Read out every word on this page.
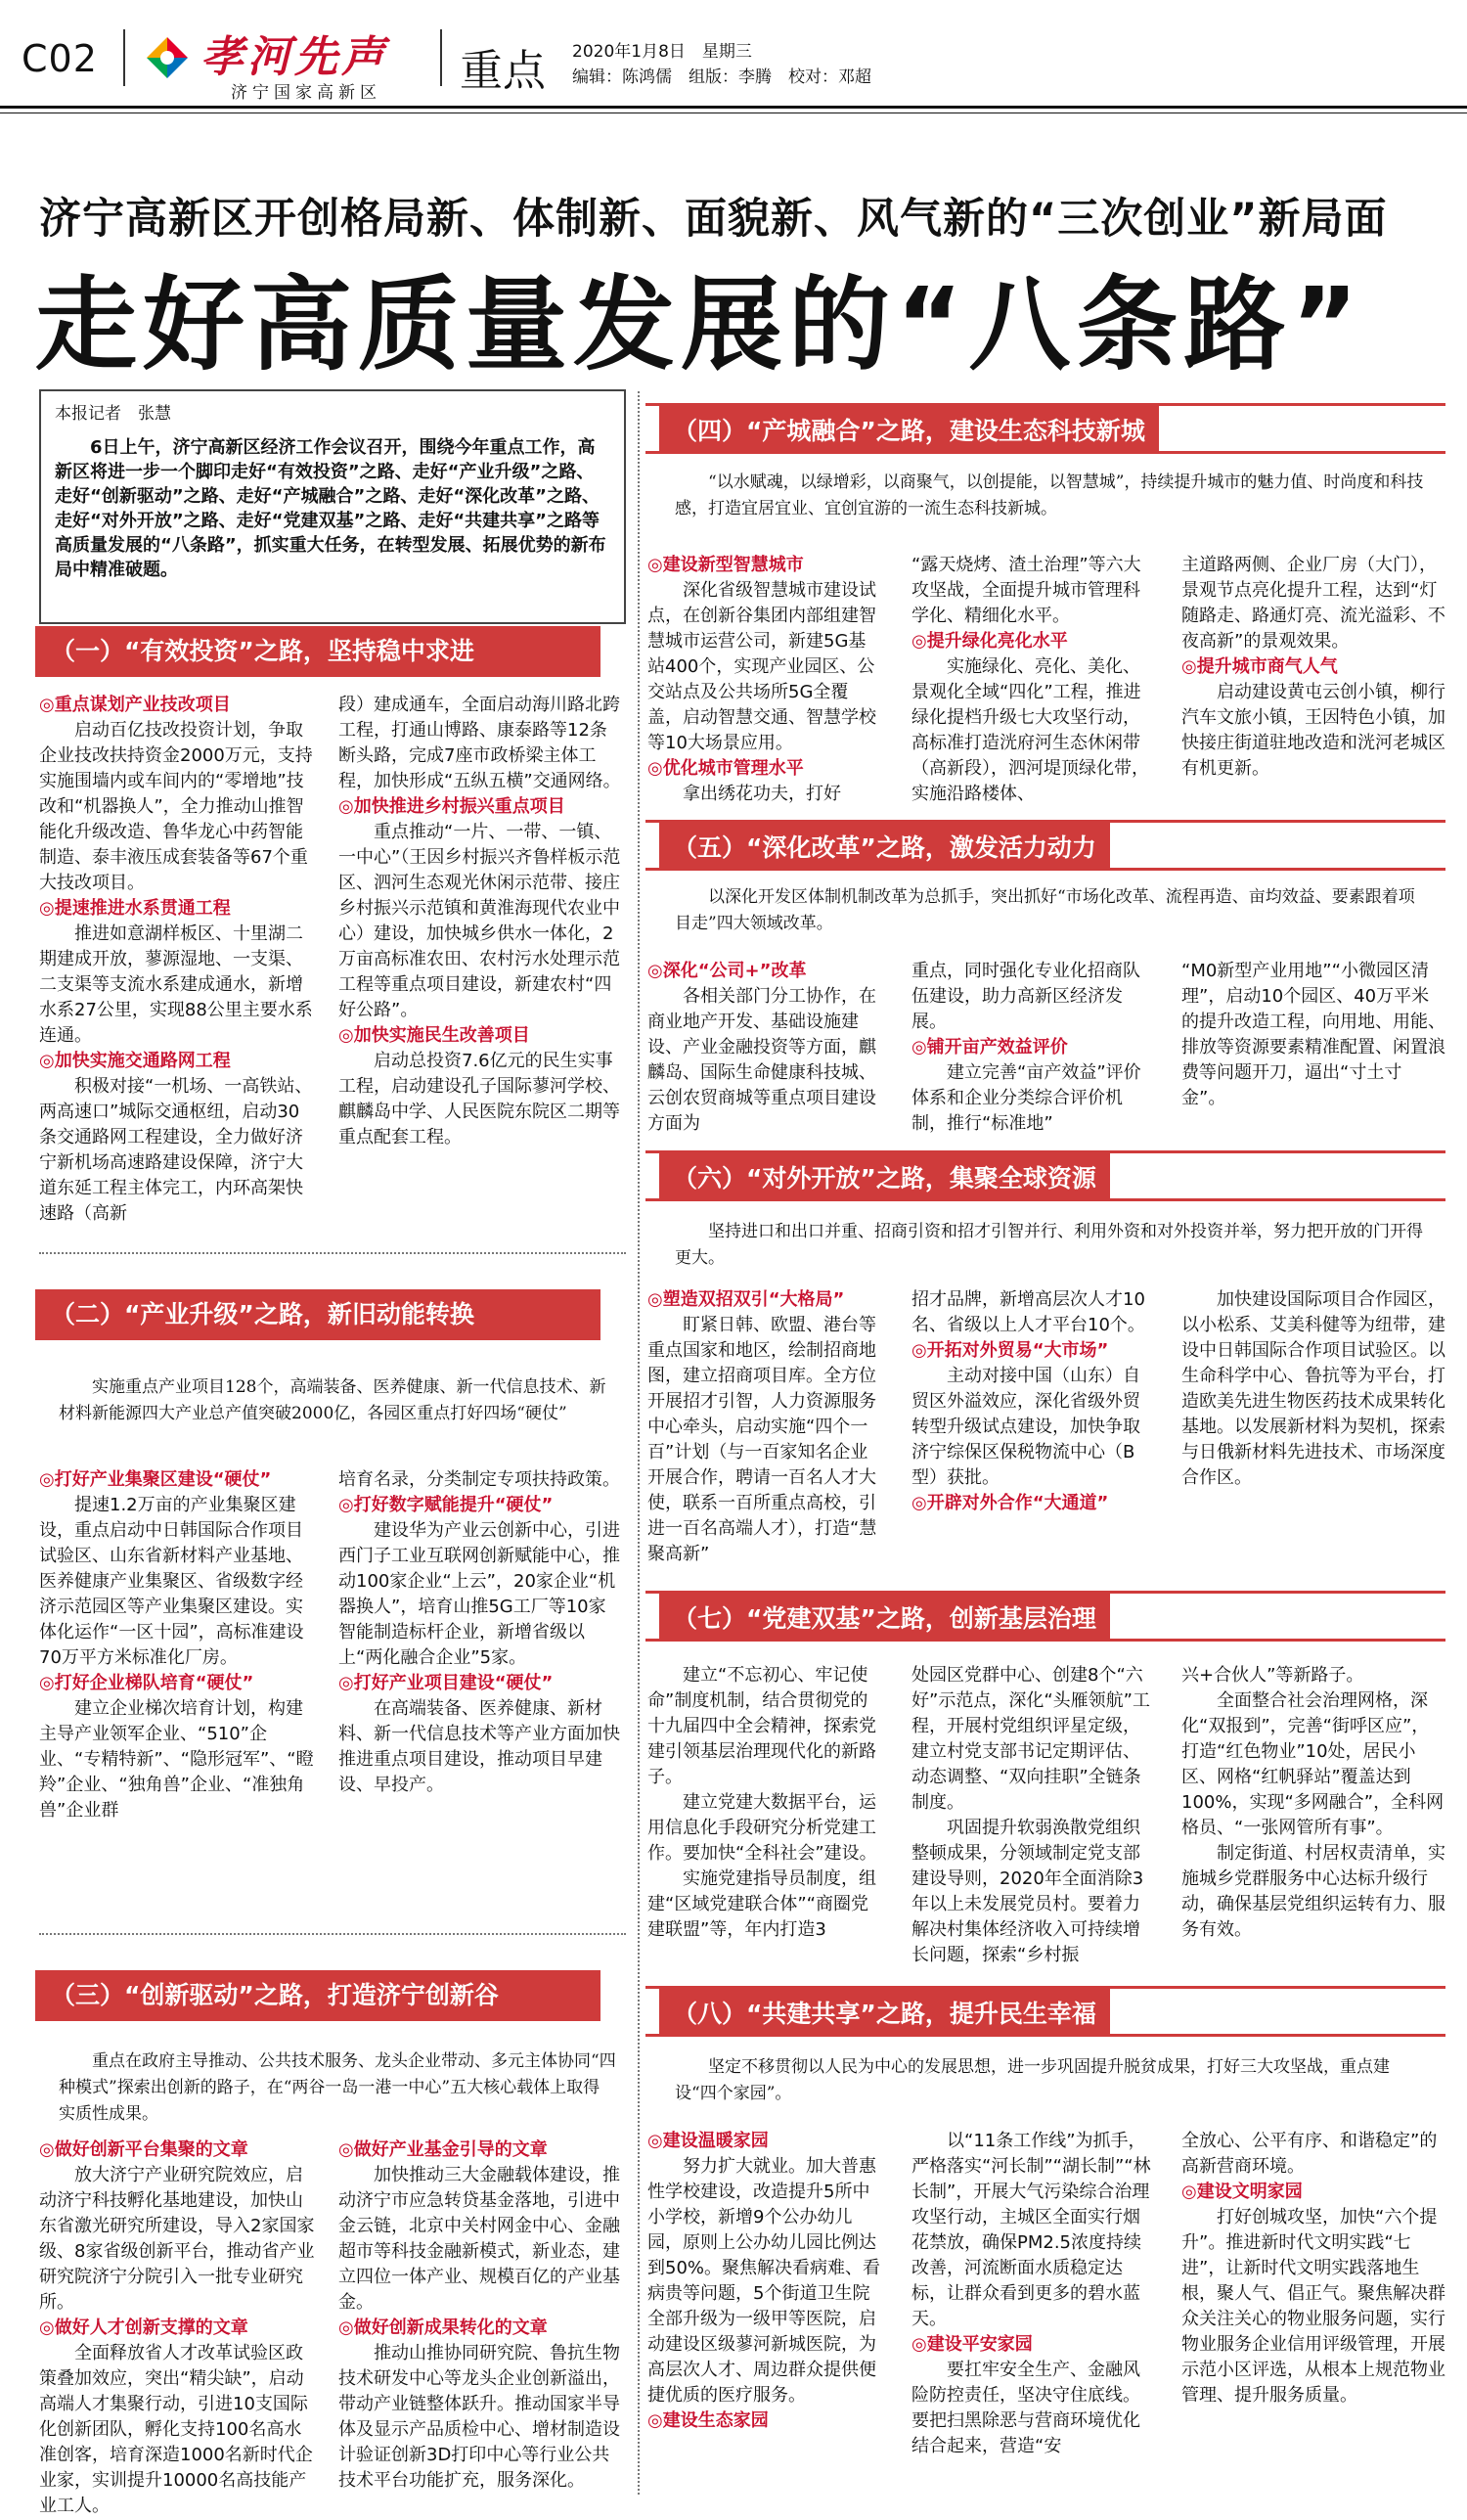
C02 孝河先声
济宁国家高新区 重点 2020年1月8日　星期三
编辑：陈鸿儒　组版：李腾　校对：邓超
济宁高新区开创格局新、体制新、面貌新、风气新的“三次创业”新局面
走好高质量发展的“八条路”
本报记者　张慧
6日上午，济宁高新区经济工作会议召开，围绕今年重点工作，高新区将进一步一个脚印走好“有效投资”之路、走好“产业升级”之路、走好“创新驱动”之路、走好“产城融合”之路、走好“深化改革”之路、走好“对外开放”之路、走好“党建双基”之路、走好“共建共享”之路等高质量发展的“八条路”，抓实重大任务，在转型发展、拓展优势的新布局中精准破题。
（一）“有效投资”之路，坚持稳中求进
◎重点谋划产业技改项目

启动百亿技改投资计划，争取企业技改扶持资金2000万元，支持实施围墙内或车间内的“零增地”技改和“机器换人”，全力推动山推智能化升级改造、鲁华龙心中药智能制造、泰丰液压成套装备等67个重大技改项目。

◎提速推进水系贯通工程

推进如意湖样板区、十里湖二期建成开放，蓼源湿地、一支渠、二支渠等支流水系建成通水，新增水系27公里，实现88公里主要水系连通。

◎加快实施交通路网工程

积极对接“一机场、一高铁站、两高速口”城际交通枢纽，启动30条交通路网工程建设，全力做好济宁新机场高速路建设保障，济宁大道东延工程主体完工，内环高架快速路（高新

段）建成通车，全面启动海川路北跨工程，打通山博路、康泰路等12条断头路，完成7座市政桥梁主体工程，加快形成“五纵五横”交通网络。

◎加快推进乡村振兴重点项目

重点推动“一片、一带、一镇、一中心”（王因乡村振兴齐鲁样板示范区、泗河生态观光休闲示范带、接庄乡村振兴示范镇和黄淮海现代农业中心）建设，加快城乡供水一体化，2万亩高标准农田、农村污水处理示范工程等重点项目建设，新建农村“四好公路”。

◎加快实施民生改善项目

启动总投资7.6亿元的民生实事工程，启动建设孔子国际蓼河学校、麒麟岛中学、人民医院东院区二期等重点配套工程。

（二）“产业升级”之路，新旧动能转换
实施重点产业项目128个，高端装备、医养健康、新一代信息技术、新材料新能源四大产业总产值突破2000亿，各园区重点打好四场“硬仗”
◎打好产业集聚区建设“硬仗”

提速1.2万亩的产业集聚区建设，重点启动中日韩国际合作项目试验区、山东省新材料产业基地、医养健康产业集聚区、省级数字经济示范园区等产业集聚区建设。实体化运作“一区十园”，高标准建设70万平方米标准化厂房。

◎打好企业梯队培育“硬仗”

建立企业梯次培育计划，构建主导产业领军企业、“510”企业、“专精特新”、“隐形冠军”、“瞪羚”企业、“独角兽”企业、“准独角兽”企业群

培育名录，分类制定专项扶持政策。

◎打好数字赋能提升“硬仗”

建设华为产业云创新中心，引进西门子工业互联网创新赋能中心，推动100家企业“上云”，20家企业“机器换人”，培育山推5G工厂等10家智能制造标杆企业，新增省级以上“两化融合企业”5家。

◎打好产业项目建设“硬仗”

在高端装备、医养健康、新材料、新一代信息技术等产业方面加快推进重点项目建设，推动项目早建设、早投产。

（三）“创新驱动”之路，打造济宁创新谷
重点在政府主导推动、公共技术服务、龙头企业带动、多元主体协同“四种模式”探索出创新的路子，在“两谷一岛一港一中心”五大核心载体上取得实质性成果。
◎做好创新平台集聚的文章

放大济宁产业研究院效应，启动济宁科技孵化基地建设，加快山东省激光研究所建设，导入2家国家级、8家省级创新平台，推动省产业研究院济宁分院引入一批专业研究所。

◎做好人才创新支撑的文章

全面释放省人才改革试验区政策叠加效应，突出“精尖缺”，启动高端人才集聚行动，引进10支国际化创新团队，孵化支持100名高水准创客，培育深造1000名新时代企业家，实训提升10000名高技能产业工人。

◎做好产业基金引导的文章

加快推动三大金融载体建设，推动济宁市应急转贷基金落地，引进中金云链，北京中关村网金中心、金融超市等科技金融新模式，新业态，建立四位一体产业、规模百亿的产业基金。

◎做好创新成果转化的文章

推动山推协同研究院、鲁抗生物技术研发中心等龙头企业创新溢出，带动产业链整体跃升。推动国家半导体及显示产品质检中心、增材制造设计验证创新3D打印中心等行业公共技术平台功能扩充，服务深化。

（四）“产城融合”之路，建设生态科技新城
“以水赋魂，以绿增彩，以商聚气，以创提能，以智慧城”，持续提升城市的魅力值、时尚度和科技感，打造宜居宜业、宜创宜游的一流生态科技新城。
◎建设新型智慧城市

深化省级智慧城市建设试点，在创新谷集团内部组建智慧城市运营公司，新建5G基站400个，实现产业园区、公交站点及公共场所5G全覆盖，启动智慧交通、智慧学校等10大场景应用。

◎优化城市管理水平

拿出绣花功夫，打好

“露天烧烤、渣土治理”等六大攻坚战，全面提升城市管理科学化、精细化水平。

◎提升绿化亮化水平

实施绿化、亮化、美化、景观化全域“四化”工程，推进绿化提档升级七大攻坚行动，高标准打造洸府河生态休闲带（高新段），泗河堤顶绿化带，实施沿路楼体、

主道路两侧、企业厂房（大门），景观节点亮化提升工程，达到“灯随路走、路通灯亮、流光溢彩、不夜高新”的景观效果。

◎提升城市商气人气

启动建设黄屯云创小镇，柳行汽车文旅小镇，王因特色小镇，加快接庄街道驻地改造和洸河老城区有机更新。

（五）“深化改革”之路，激发活力动力
以深化开发区体制机制改革为总抓手，突出抓好“市场化改革、流程再造、亩均效益、要素跟着项目走”四大领域改革。
◎深化“公司+”改革

各相关部门分工协作，在商业地产开发、基础设施建设、产业金融投资等方面，麒麟岛、国际生命健康科技城、云创农贸商城等重点项目建设方面为

重点，同时强化专业化招商队伍建设，助力高新区经济发展。

◎铺开亩产效益评价

建立完善“亩产效益”评价体系和企业分类综合评价机制，推行“标准地”

“M0新型产业用地”“小微园区清理”，启动10个园区、40万平米的提升改造工程，向用地、用能、排放等资源要素精准配置、闲置浪费等问题开刀，逼出“寸土寸金”。

（六）“对外开放”之路，集聚全球资源
坚持进口和出口并重、招商引资和招才引智并行、利用外资和对外投资并举，努力把开放的门开得更大。
◎塑造双招双引“大格局”

盯紧日韩、欧盟、港台等重点国家和地区，绘制招商地图，建立招商项目库。全方位开展招才引智，人力资源服务中心牵头，启动实施“四个一百”计划（与一百家知名企业开展合作，聘请一百名人才大使，联系一百所重点高校，引进一百名高端人才），打造“慧聚高新”

招才品牌，新增高层次人才10名、省级以上人才平台10个。

◎开拓对外贸易“大市场”

主动对接中国（山东）自贸区外溢效应，深化省级外贸转型升级试点建设，加快争取济宁综保区保税物流中心（B型）获批。

◎开辟对外合作“大通道”

加快建设国际项目合作园区，以小松系、艾美科健等为纽带，建设中日韩国际合作项目试验区。以生命科学中心、鲁抗等为平台，打造欧美先进生物医药技术成果转化基地。以发展新材料为契机，探索与日俄新材料先进技术、市场深度合作区。

（七）“党建双基”之路，创新基层治理

建立“不忘初心、牢记使命”制度机制，结合贯彻党的十九届四中全会精神，探索党建引领基层治理现代化的新路子。

建立党建大数据平台，运用信息化手段研究分析党建工作。要加快“全科社会”建设。

实施党建指导员制度，组建“区域党建联合体”“商圈党建联盟”等，年内打造3

处园区党群中心、创建8个“六好”示范点，深化“头雁领航”工程，开展村党组织评星定级，建立村党支部书记定期评估、动态调整、“双向挂职”全链条制度。

巩固提升软弱涣散党组织整顿成果，分领域制定党支部建设导则，2020年全面消除3年以上未发展党员村。要着力解决村集体经济收入可持续增长问题，探索“乡村振

兴+合伙人”等新路子。

全面整合社会治理网格，深化“双报到”，完善“街呼区应”，打造“红色物业”10处，居民小区、网格“红帆驿站”覆盖达到100%，实现“多网融合”，全科网格员、“一张网管所有事”。

制定街道、村居权责清单，实施城乡党群服务中心达标升级行动，确保基层党组织运转有力、服务有效。

（八）“共建共享”之路，提升民生幸福
坚定不移贯彻以人民为中心的发展思想，进一步巩固提升脱贫成果，打好三大攻坚战，重点建设“四个家园”。
◎建设温暖家园

努力扩大就业。加大普惠性学校建设，改造提升5所中小学校，新增9个公办幼儿园，原则上公办幼儿园比例达到50%。聚焦解决看病难、看病贵等问题，5个街道卫生院全部升级为一级甲等医院，启动建设区级蓼河新城医院，为高层次人才、周边群众提供便捷优质的医疗服务。

◎建设生态家园

以“11条工作线”为抓手，严格落实“河长制”“湖长制”“林长制”，开展大气污染综合治理攻坚行动，主城区全面实行烟花禁放，确保PM2.5浓度持续改善，河流断面水质稳定达标，让群众看到更多的碧水蓝天。

◎建设平安家园

要扛牢安全生产、金融风险防控责任，坚决守住底线。要把扫黑除恶与营商环境优化结合起来，营造“安

全放心、公平有序、和谐稳定”的高新营商环境。

◎建设文明家园

打好创城攻坚，加快“六个提升”。推进新时代文明实践“七进”，让新时代文明实践落地生根，聚人气、倡正气。聚焦解决群众关注关心的物业服务问题，实行物业服务企业信用评级管理，开展示范小区评选，从根本上规范物业管理、提升服务质量。
